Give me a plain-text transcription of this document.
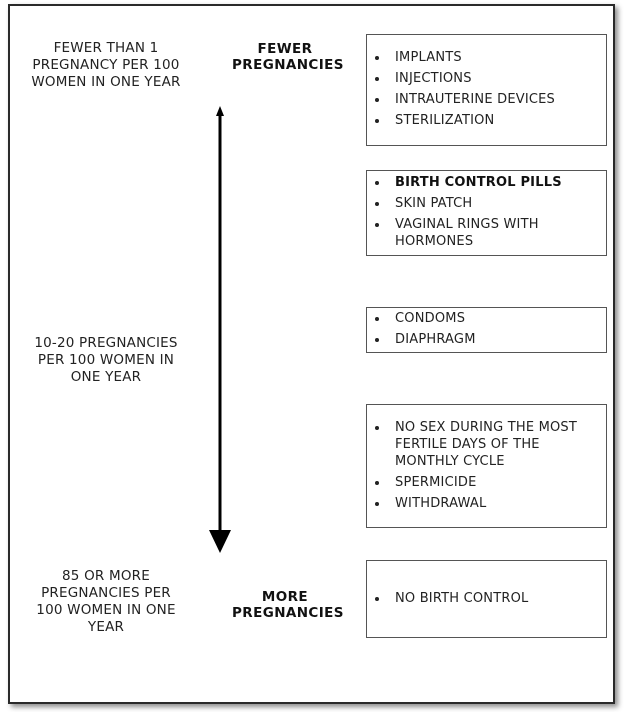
FEWER THAN 1
PREGNANCY PER 100
WOMEN IN ONE YEAR
10-20 PREGNANCIES
PER 100 WOMEN IN
ONE YEAR
85 OR MORE
PREGNANCIES PER
100 WOMEN IN ONE
YEAR
FEWER
PREGNANCIES
MORE
PREGNANCIES
IMPLANTS
INJECTIONS
INTRAUTERINE DEVICES
STERILIZATION
BIRTH CONTROL PILLS
SKIN PATCH
VAGINAL RINGS WITH HORMONES
CONDOMS
DIAPHRAGM
NO SEX DURING THE MOST FERTILE DAYS OF THE MONTHLY CYCLE
SPERMICIDE
WITHDRAWAL
NO BIRTH CONTROL
